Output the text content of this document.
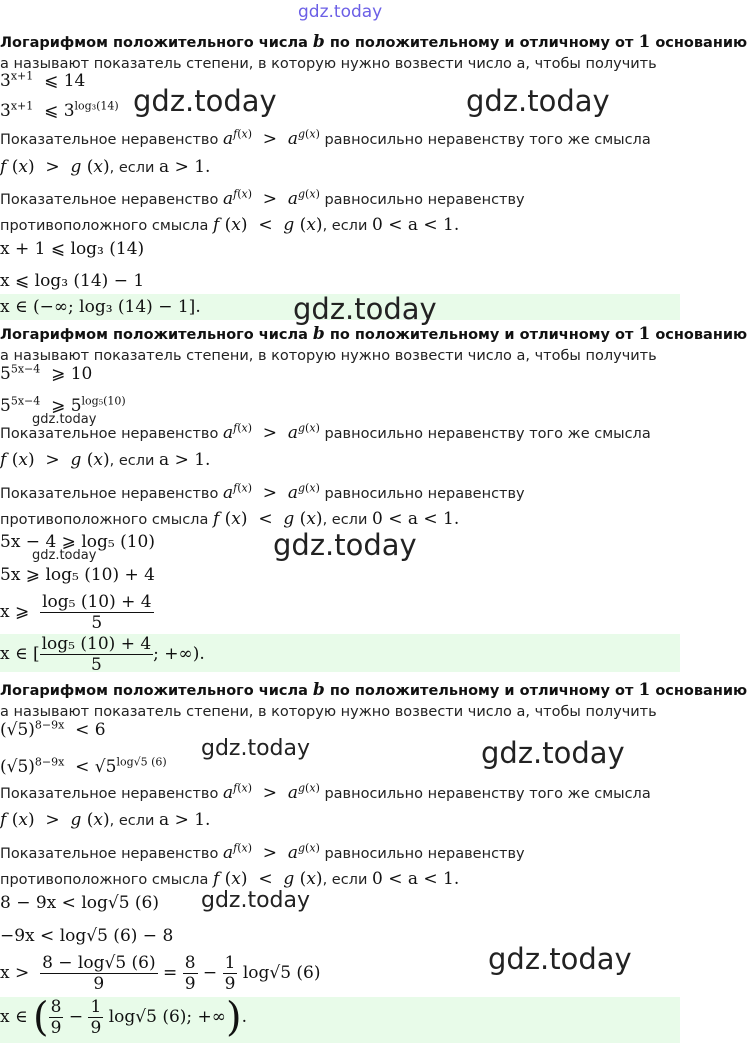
gdz.today
Логарифмом положительного числа b по положительному и отличному от 1 основанию
a называют показатель степени, в которую нужно возвести число a, чтобы получить
$3^{x+1}$ ⩽ 14
$3^{x+1}$ ⩽ $3^{log_3(14)}$ gdz.today	gdz.today
Показательное неравенство $a^{f(x)} > a^{g(x)}$ равносильно неравенству того же смысла
f (x)  >  g (x), если a > 1.
Показательное неравенство $a^{f(x)} > a^{g(x)}$ равносильно неравенству
противоположного смысла f (x)  <  g (x), если 0 < a < 1.
x + 1 ⩽ log₃ (14)
x ⩽ log₃ (14) − 1
x ∈ (−∞; log₃ (14) − 1].	gdz.today
Логарифмом положительного числа b по положительному и отличному от 1 основанию
a называют показатель степени, в которую нужно возвести число a, чтобы получить
$5^{5x-4}$ ⩾ 10
$5^{5x-4}$ ⩾ $5^{log_5(10)}$
gdz.today
Показательное неравенство $a^{f(x)} > a^{g(x)}$ равносильно неравенству того же смысла
f (x)  >  g (x), если a > 1.
Показательное неравенство $a^{f(x)} > a^{g(x)}$ равносильно неравенству
противоположного смысла f (x)  <  g (x), если 0 < a < 1.
5x − 4 ⩾ log₅ (10)
gdz.today	gdz.today
5x ⩾ log₅ (10) + 4
x ⩾ $\frac{\text{log₅ (10) + 4}}{5}$
x ∈ [ $\frac{\text{log₅ (10) + 4}}{5}$ ; +∞).
Логарифмом положительного числа b по положительному и отличному от 1 основанию
a называют показатель степени, в которую нужно возвести число a, чтобы получить
$(√5)^{8-9x} < 6$
$(√5)^{8-9x} < √5^{log√5 (6)}$
gdz.today	gdz.today
Показательное неравенство $a^{f(x)} > a^{g(x)}$ равносильно неравенству того же смысла
f (x)  >  g (x), если a > 1.
Показательное неравенство $a^{f(x)} > a^{g(x)}$ равносильно неравенству
противоположного смысла f (x)  <  g (x), если 0 < a < 1.
8 − 9x < log√5 (6)	gdz.today
−9x < log√5 (6) − 8
$x > \frac{8 - \log√5 (6)}{9} = \frac{8}{9} - \frac{1}{9} \log√5$ (6)	gdz.today
x ∈ ( $\frac{8}{9} - \frac{1}{9} \log√5$ (6); +∞).
